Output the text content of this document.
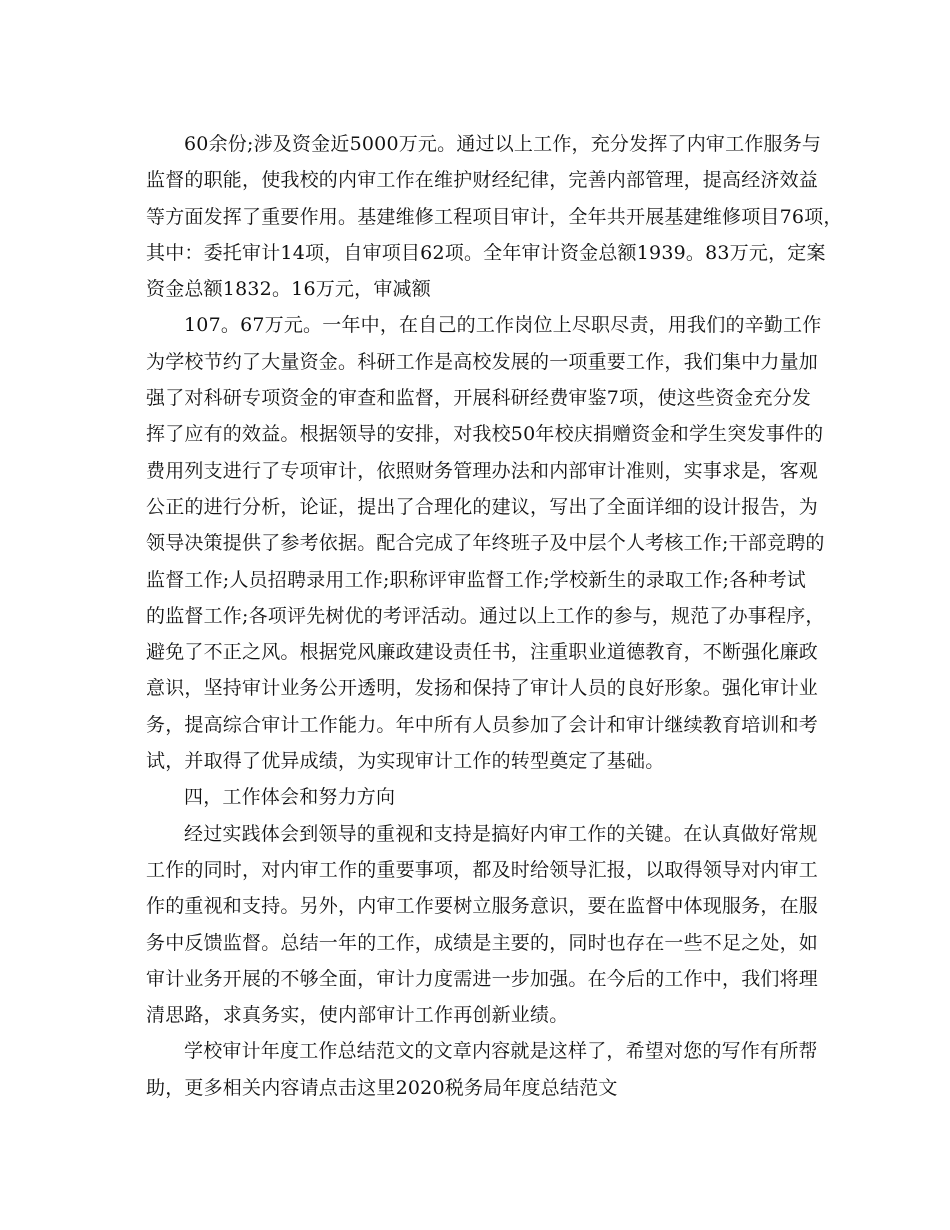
60余份;涉及资金近5000万元。通过以上工作，充分发挥了内审工作服务与
监督的职能，使我校的内审工作在维护财经纪律，完善内部管理，提高经济效益
等方面发挥了重要作用。基建维修工程项目审计，全年共开展基建维修项目76项，
其中：委托审计14项，自审项目62项。全年审计资金总额1939。83万元，定案
资金总额1832。16万元，审减额
107。67万元。一年中，在自己的工作岗位上尽职尽责，用我们的辛勤工作
为学校节约了大量资金。科研工作是高校发展的一项重要工作，我们集中力量加
强了对科研专项资金的审查和监督，开展科研经费审鉴7项，使这些资金充分发
挥了应有的效益。根据领导的安排，对我校50年校庆捐赠资金和学生突发事件的
费用列支进行了专项审计，依照财务管理办法和内部审计准则，实事求是，客观
公正的进行分析，论证，提出了合理化的建议，写出了全面详细的设计报告，为
领导决策提供了参考依据。配合完成了年终班子及中层个人考核工作;干部竞聘的
监督工作;人员招聘录用工作;职称评审监督工作;学校新生的录取工作;各种考试
的监督工作;各项评先树优的考评活动。通过以上工作的参与，规范了办事程序，
避免了不正之风。根据党风廉政建设责任书，注重职业道德教育，不断强化廉政
意识，坚持审计业务公开透明，发扬和保持了审计人员的良好形象。强化审计业
务，提高综合审计工作能力。年中所有人员参加了会计和审计继续教育培训和考
试，并取得了优异成绩，为实现审计工作的转型奠定了基础。
四，工作体会和努力方向
经过实践体会到领导的重视和支持是搞好内审工作的关键。在认真做好常规
工作的同时，对内审工作的重要事项，都及时给领导汇报，以取得领导对内审工
作的重视和支持。另外，内审工作要树立服务意识，要在监督中体现服务，在服
务中反馈监督。总结一年的工作，成绩是主要的，同时也存在一些不足之处，如
审计业务开展的不够全面，审计力度需进一步加强。在今后的工作中，我们将理
清思路，求真务实，使内部审计工作再创新业绩。
学校审计年度工作总结范文的文章内容就是这样了，希望对您的写作有所帮
助，更多相关内容请点击这里2020税务局年度总结范文
